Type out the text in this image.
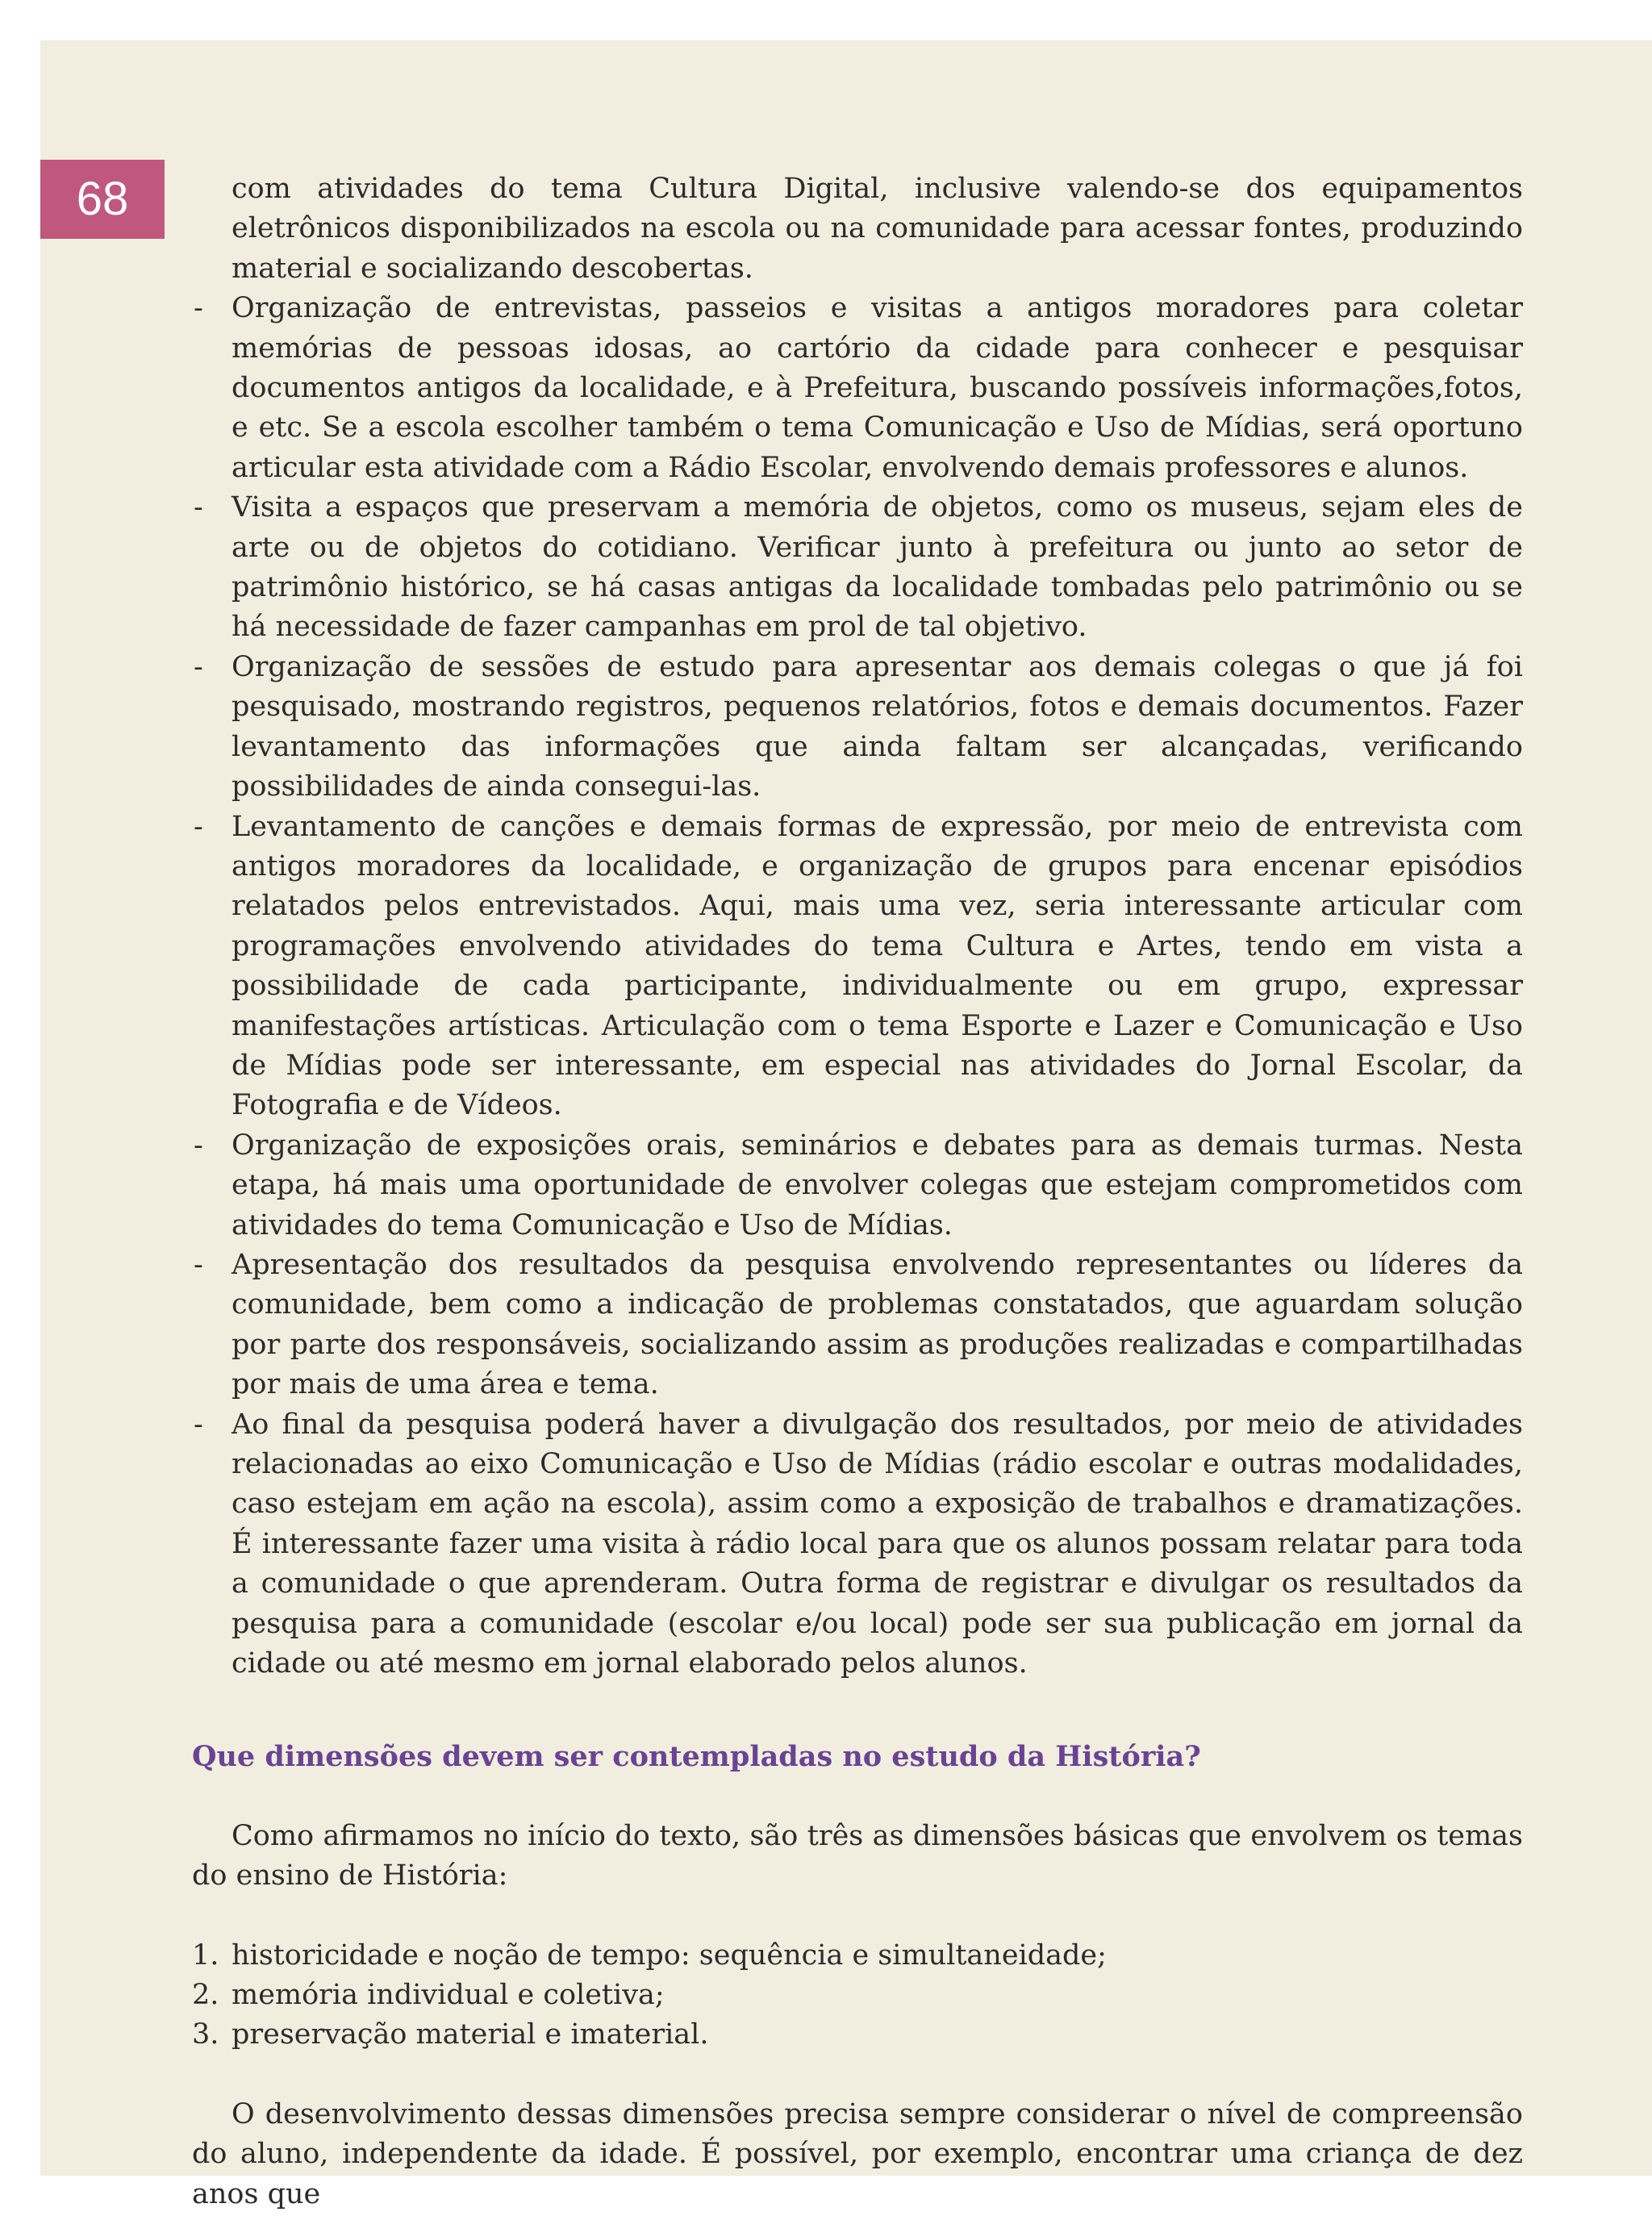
68	com atividades do tema Cultura Digital, inclusive valendo-se dos equipamentos eletrônicos disponibilizados na escola ou na comunidade para acessar fontes, produzindo material e socializando descobertas.

- Organização de entrevistas, passeios e visitas a antigos moradores para coletar memórias de pessoas idosas, ao cartório da cidade para conhecer e pesquisar documentos antigos da localidade, e à Prefeitura, buscando possíveis informações,fotos, e etc. Se a escola escolher também o tema Comunicação e Uso de Mídias, será oportuno articular esta atividade com a Rádio Escolar, envolvendo demais professores e alunos.
- Visita a espaços que preservam a memória de objetos, como os museus, sejam eles de arte ou de objetos do cotidiano. Verificar junto à prefeitura ou junto ao setor de patrimônio histórico, se há casas antigas da localidade tombadas pelo patrimônio ou se há necessidade de fazer campanhas em prol de tal objetivo.
- Organização de sessões de estudo para apresentar aos demais colegas o que já foi pesquisado, mostrando registros, pequenos relatórios, fotos e demais documentos. Fazer levantamento das informações que ainda faltam ser alcançadas, verificando possibilidades de ainda consegui-las.
- Levantamento de canções e demais formas de expressão, por meio de entrevista com antigos moradores da localidade, e organização de grupos para encenar episódios relatados pelos entrevistados. Aqui, mais uma vez, seria interessante articular com programações envolvendo atividades do tema Cultura e Artes, tendo em vista a possibilidade de cada participante, individualmente ou em grupo, expressar manifestações artísticas. Articulação com o tema Esporte e Lazer e Comunicação e Uso de Mídias pode ser interessante, em especial nas atividades do Jornal Escolar, da Fotografia e de Vídeos.
- Organização de exposições orais, seminários e debates para as demais turmas. Nesta etapa, há mais uma oportunidade de envolver colegas que estejam comprometidos com atividades do tema Comunicação e Uso de Mídias.
- Apresentação dos resultados da pesquisa envolvendo representantes ou líderes da comunidade, bem como a indicação de problemas constatados, que aguardam solução por parte dos responsáveis, socializando assim as produções realizadas e compartilhadas por mais de uma área e tema.
- Ao final da pesquisa poderá haver a divulgação dos resultados, por meio de atividades relacionadas ao eixo Comunicação e Uso de Mídias (rádio escolar e outras modalidades, caso estejam em ação na escola), assim como a exposição de trabalhos e dramatizações. É interessante fazer uma visita à rádio local para que os alunos possam relatar para toda a comunidade o que aprenderam. Outra forma de registrar e divulgar os resultados da pesquisa para a comunidade (escolar e/ou local) pode ser sua publicação em jornal da cidade ou até mesmo em jornal elaborado pelos alunos.
Que dimensões devem ser contempladas no estudo da História?

Como afirmamos no início do texto, são três as dimensões básicas que envolvem os temas do ensino de História:

1. historicidade e noção de tempo: sequência e simultaneidade;
2. memória individual e coletiva;
3. preservação material e imaterial.

O desenvolvimento dessas dimensões precisa sempre considerar o nível de compreensão do aluno, independente da idade. É possível, por exemplo, encontrar uma criança de dez anos que
